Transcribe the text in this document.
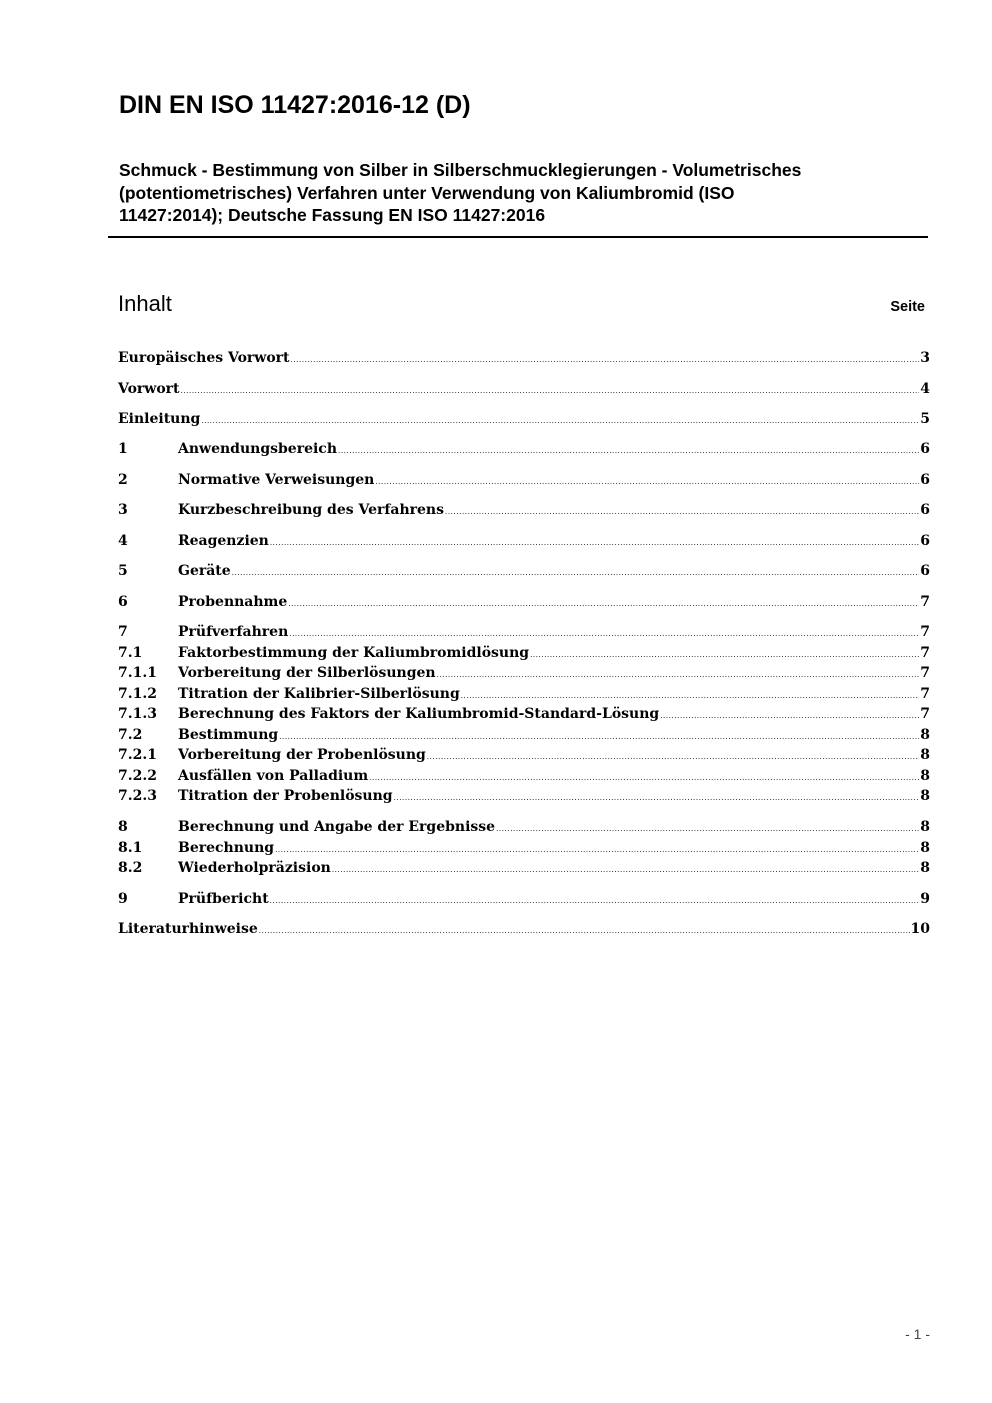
DIN EN ISO 11427:2016-12 (D)
Schmuck - Bestimmung von Silber in Silberschmucklegierungen - Volumetrisches
(potentiometrisches) Verfahren unter Verwendung von Kaliumbromid (ISO
11427:2014); Deutsche Fassung EN ISO 11427:2016
Inhalt	Seite
Europäisches Vorwort .....	3
Vorwort .....	4
Einleitung .....	5
1	Anwendungsbereich .....	6
2	Normative Verweisungen .....	6
3	Kurzbeschreibung des Verfahrens .....	6
4	Reagenzien .....	6
5	Geräte .....	6
6	Probennahme .....	7
7	Prüfverfahren .....	7
7.1	Faktorbestimmung der Kaliumbromidlösung .....	7
7.1.1	Vorbereitung der Silberlösungen .....	7
7.1.2	Titration der Kalibrier-Silberlösung .....	7
7.1.3	Berechnung des Faktors der Kaliumbromid-Standard-Lösung .....	7
7.2	Bestimmung .....	8
7.2.1	Vorbereitung der Probenlösung .....	8
7.2.2	Ausfällen von Palladium .....	8
7.2.3	Titration der Probenlösung .....	8
8	Berechnung und Angabe der Ergebnisse .....	8
8.1	Berechnung .....	8
8.2	Wiederholpräzision .....	8
9	Prüfbericht .....	9
Literaturhinweise .....	10
- 1 -
